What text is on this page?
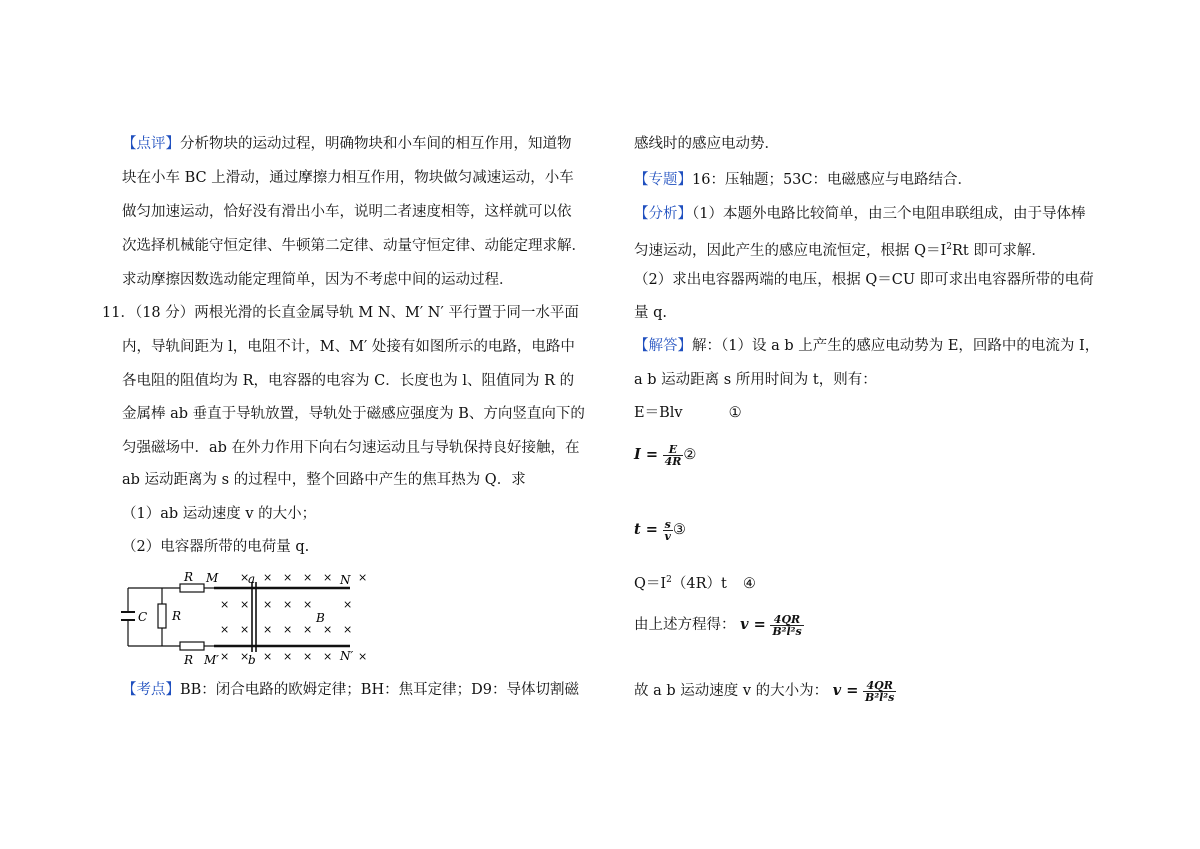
【点评】分析物块的运动过程，明确物块和小车间的相互作用，知道物
块在小车 BC 上滑动，通过摩擦力相互作用，物块做匀减速运动，小车
做匀加速运动，恰好没有滑出小车，说明二者速度相等，这样就可以依
次选择机械能守恒定律、牛顿第二定律、动量守恒定律、动能定理求解．
求动摩擦因数选动能定理简单，因为不考虑中间的运动过程．
11．（18 分）两根光滑的长直金属导轨 M N、M′ N′ 平行置于同一水平面
内，导轨间距为 l，电阻不计，M、M′ 处接有如图所示的电路，电路中
各电阻的阻值均为 R，电容器的电容为 C．长度也为 l、阻值同为 R 的
金属棒 ab 垂直于导轨放置，导轨处于磁感应强度为 B、方向竖直向下的
匀强磁场中．ab 在外力作用下向右匀速运动且与导轨保持良好接触，在
ab 运动距离为 s 的过程中，整个回路中产生的焦耳热为 Q．求
（1）ab 运动速度 v 的大小；
（2）电容器所带的电荷量 q.
R
R
R
C
M
M′
a
b
N
N′
B
× × × × × ×
× × × × ×	×
× × × × × × ×
× × × × × × ×
【考点】BB：闭合电路的欧姆定律；BH：焦耳定律；D9：导体切割磁
感线时的感应电动势．
【专题】16：压轴题；53C：电磁感应与电路结合．
【分析】（1）本题外电路比较简单，由三个电阻串联组成，由于导体棒
匀速运动，因此产生的感应电流恒定，根据 $Q=I^2Rt$ 即可求解．
（2）求出电容器两端的电压，根据 Q＝CU 即可求出电容器所带的电荷
量 q.
【解答】解：（1）设 a b 上产生的感应电动势为 E，回路中的电流为 I，
a b 运动距离 s 所用时间为 t，则有：
E＝Blv	①
$I = \frac{E}{4R}$ ②
$t = \frac{s}{v}$ ③
$Q=I^2(4R)t$ ④
由上述方程得： $v = \frac{4QR}{\text{B²l²s}}$
故 a b 运动速度 v 的大小为： $v = \frac{4QR}{\text{B²l²s}}$
